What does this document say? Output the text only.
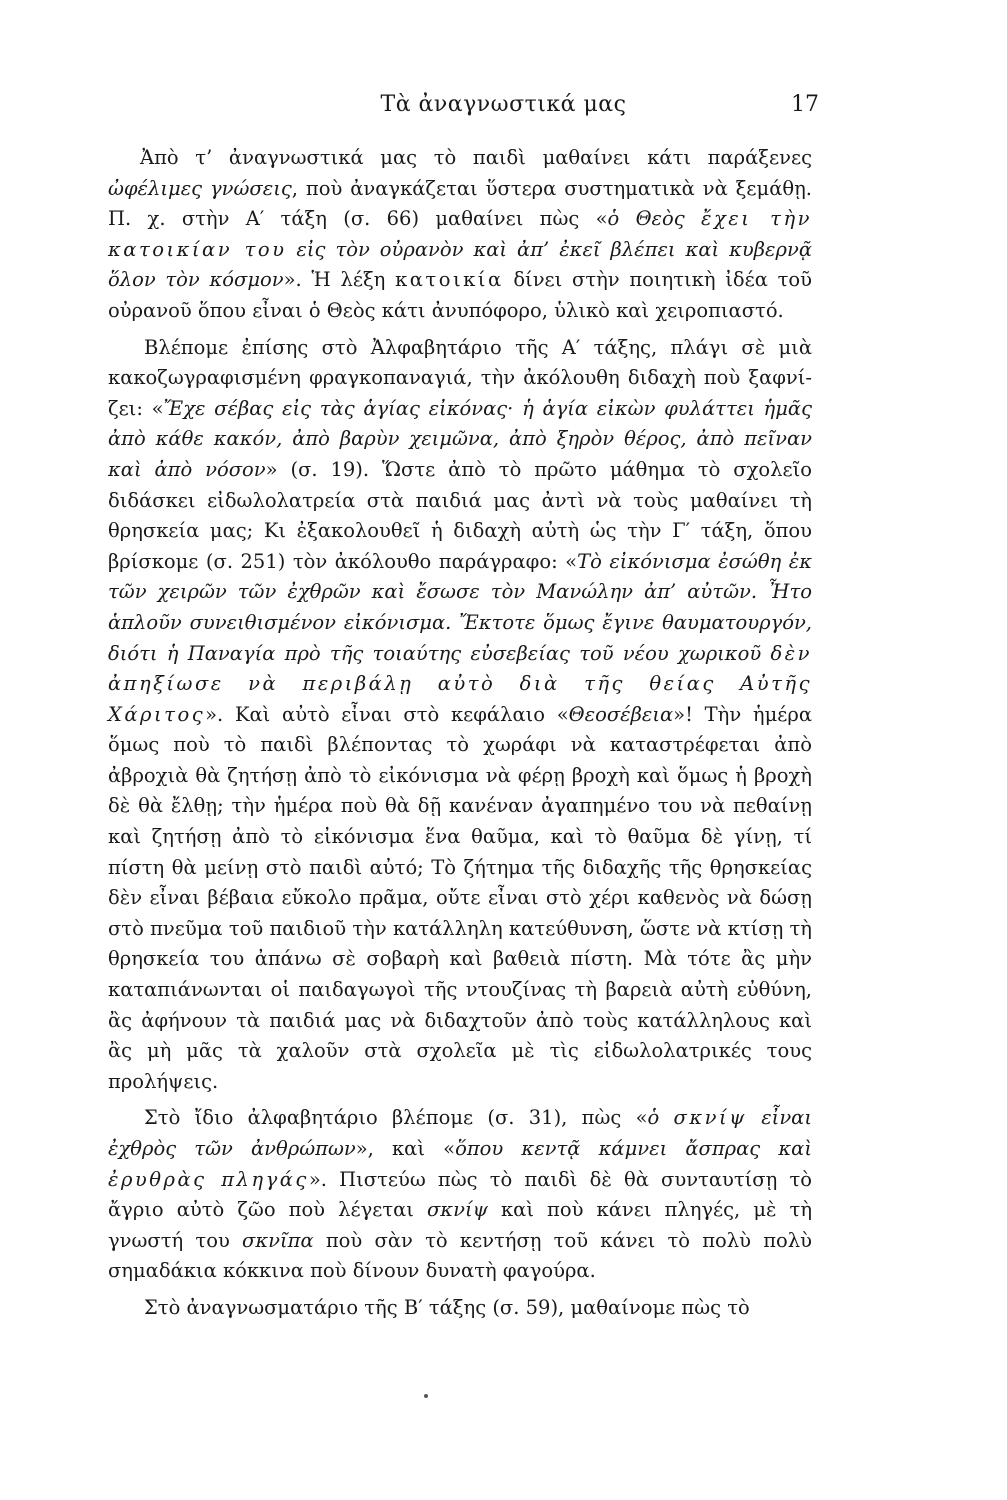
Τὰ ἀναγνωστικά μας	17

Ἀπὸ τ’ ἀναγνωστικά μας τὸ παιδὶ μαθαίνει κάτι παράξενες ὠφέλιμες γνώσεις, ποὺ ἀναγκάζεται ὕστερα συστηματικὰ νὰ ξεμάθῃ. Π. χ. στὴν Α′ τάξη (σ. 66) μαθαίνει πὼς «ὁ Θεὸς ἔχει τὴν κατοικίαν του εἰς τὸν οὐρανὸν καὶ ἀπ’ ἐκεῖ βλέπει καὶ κυβερνᾷ ὅλον τὸν κόσμον». Ἡ λέξη κατοικία δίνει στὴν ποιητικὴ ἰδέα τοῦ οὐρανοῦ ὅπου εἶναι ὁ Θεὸς κάτι ἀνυπόφορο, ὑλικὸ καὶ χειροπιαστό.

Βλέπομε ἐπίσης στὸ Ἀλφαβητάριο τῆς Α′ τάξης, πλάγι σὲ μιὰ κακοζωγραφισμένη φραγκοπαναγιά, τὴν ἀκόλουθη διδαχὴ ποὺ ξαφνίζει: «Ἔχε σέβας εἰς τὰς ἁγίας εἰκόνας· ἡ ἁγία εἰκὼν φυλάττει ἡμᾶς ἀπὸ κάθε κακόν, ἀπὸ βαρὺν χειμῶνα, ἀπὸ ξηρὸν θέρος, ἀπὸ πεῖναν καὶ ἀπὸ νόσον» (σ. 19). Ὥστε ἀπὸ τὸ πρῶτο μάθημα τὸ σχολεῖο διδάσκει εἰδωλολατρεία στὰ παιδιά μας ἀντὶ νὰ τοὺς μαθαίνει τὴ θρησκεία μας; Κι ἐξακολουθεῖ ἡ διδαχὴ αὐτὴ ὡς τὴν Γ′ τάξη, ὅπου βρίσκομε (σ. 251) τὸν ἀκόλουθο παράγραφο: «Τὸ εἰκόνισμα ἐσώθη ἐκ τῶν χειρῶν τῶν ἐχθρῶν καὶ ἔσωσε τὸν Μανώλην ἀπ’ αὐτῶν. Ἦτο ἁπλοῦν συνειθισμένον εἰκόνισμα. Ἔκτοτε ὅμως ἔγινε θαυματουργόν, διότι ἡ Παναγία πρὸ τῆς τοιαύτης εὐσεβείας τοῦ νέου χωρικοῦ δὲν ἀπηξίωσε νὰ περιβάλῃ αὐτὸ διὰ τῆς θείας Αὐτῆς Χάριτος». Καὶ αὐτὸ εἶναι στὸ κεφάλαιο «Θεοσέβεια»! Τὴν ἡμέρα ὅμως ποὺ τὸ παιδὶ βλέποντας τὸ χωράφι νὰ καταστρέφεται ἀπὸ ἀβροχιὰ θὰ ζητήσῃ ἀπὸ τὸ εἰκόνισμα νὰ φέρῃ βροχὴ καὶ ὅμως ἡ βροχὴ δὲ θὰ ἔλθῃ; τὴν ἡμέρα ποὺ θὰ δῇ κανέναν ἀγαπημένο του νὰ πεθαίνῃ καὶ ζητήσῃ ἀπὸ τὸ εἰκόνισμα ἕνα θαῦμα, καὶ τὸ θαῦμα δὲ γίνῃ, τί πίστη θὰ μείνῃ στὸ παιδὶ αὐτό; Τὸ ζήτημα τῆς διδαχῆς τῆς θρησκείας δὲν εἶναι βέβαια εὔκολο πρᾶμα, οὔτε εἶναι στὸ χέρι καθενὸς νὰ δώσῃ στὸ πνεῦμα τοῦ παιδιοῦ τὴν κατάλληλη κατεύθυνση, ὥστε νὰ κτίσῃ τὴ θρησκεία του ἀπάνω σὲ σοβαρὴ καὶ βαθειὰ πίστη. Μὰ τότε ἂς μὴν καταπιάνωνται οἱ παιδαγωγοὶ τῆς ντουζίνας τὴ βαρειὰ αὐτὴ εὐθύνη, ἂς ἀφήνουν τὰ παιδιά μας νὰ διδαχτοῦν ἀπὸ τοὺς κατάλληλους καὶ ἂς μὴ μᾶς τὰ χαλοῦν στὰ σχολεῖα μὲ τὶς εἰδωλολατρικές τους προλήψεις.

Στὸ ἴδιο ἀλφαβητάριο βλέπομε (σ. 31), πὼς «ὁ σκνίψ εἶναι ἐχθρὸς τῶν ἀνθρώπων», καὶ «ὅπου κεντᾷ κάμνει ἄσπρας καὶ ἐρυθρὰς πληγάς». Πιστεύω πὼς τὸ παιδὶ δὲ θὰ συνταυτίσῃ τὸ ἄγριο αὐτὸ ζῶο ποὺ λέγεται σκνίψ καὶ ποὺ κάνει πληγές, μὲ τὴ γνωστή του σκνῖπα ποὺ σὰν τὸ κεντήσῃ τοῦ κάνει τὸ πολὺ πολὺ σημαδάκια κόκκινα ποὺ δίνουν δυνατὴ φαγούρα.

Στὸ ἀναγνωσματάριο τῆς Β′ τάξης (σ. 59), μαθαίνομε πὼς τὸ
